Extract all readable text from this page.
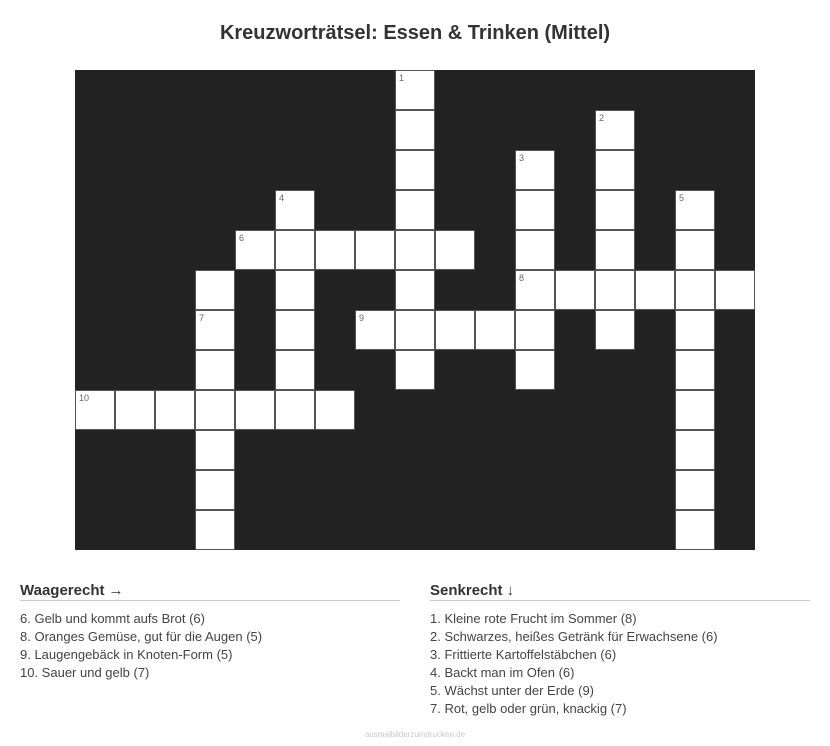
Kreuzworträtsel: Essen & Trinken (Mittel)
10
7
4
6
1
9
3
8
2
5
Waagerecht →
6. Gelb und kommt aufs Brot (6)
8. Oranges Gemüse, gut für die Augen (5)
9. Laugengebäck in Knoten-Form (5)
10. Sauer und gelb (7)
Senkrecht ↓
1. Kleine rote Frucht im Sommer (8)
2. Schwarzes, heißes Getränk für Erwachsene (6)
3. Frittierte Kartoffelstäbchen (6)
4. Backt man im Ofen (6)
5. Wächst unter der Erde (9)
7. Rot, gelb oder grün, knackig (7)
ausmalbilderzumdrucken.de
